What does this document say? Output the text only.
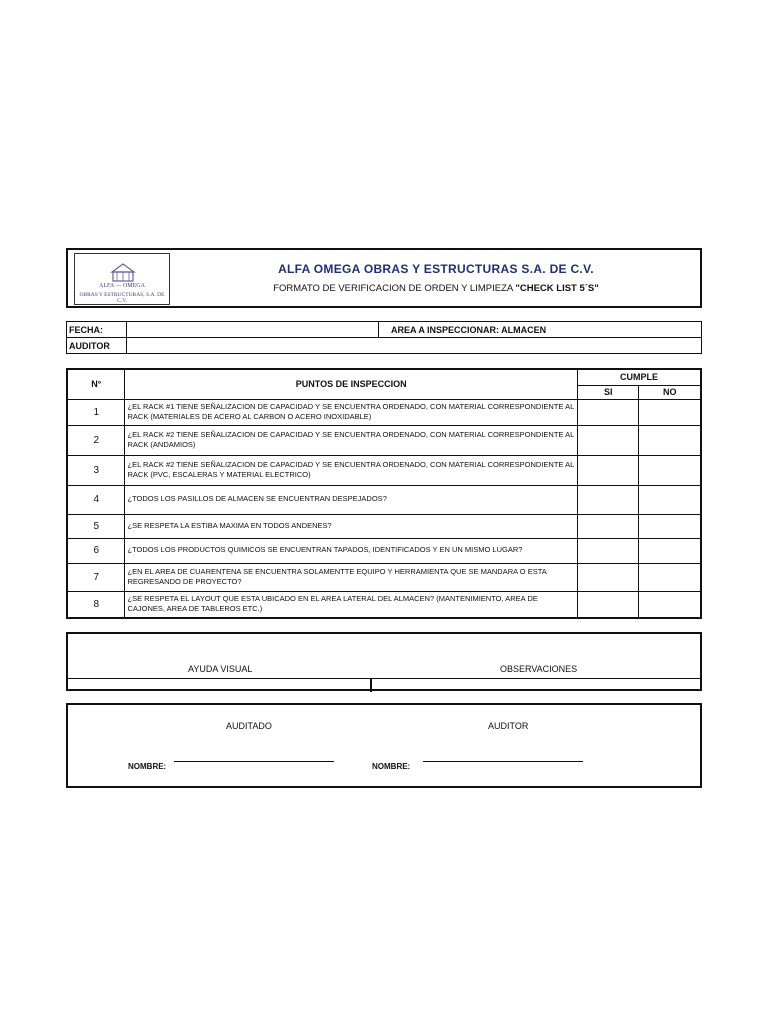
ALFA — OMEGA
OBRAS Y ESTRUCTURAS, S.A. DE C.V.
ALFA OMEGA OBRAS Y ESTRUCTURAS S.A. DE C.V.
FORMATO DE VERIFICACION DE ORDEN Y LIMPIEZA "CHECK LIST 5´S"
FECHA:		AREA A INSPECCIONAR: ALMACEN
AUDITOR		
N°	PUNTOS DE INSPECCION	CUMPLE	
		SI	NO
1	¿EL RACK #1 TIENE SEÑALIZACION DE CAPACIDAD Y SE ENCUENTRA ORDENADO, CON MATERIAL CORRESPONDIENTE AL RACK (MATERIALES DE ACERO AL CARBON O ACERO INOXIDABLE)		
2	¿EL RACK #2 TIENE SEÑALIZACION DE CAPACIDAD Y SE ENCUENTRA ORDENADO, CON MATERIAL CORRESPONDIENTE AL RACK (ANDAMIOS)		
3	¿EL RACK #2 TIENE SEÑALIZACION DE CAPACIDAD Y SE ENCUENTRA ORDENADO, CON MATERIAL CORRESPONDIENTE AL RACK (PVC, ESCALERAS Y MATERIAL ELECTRICO)		
4	¿TODOS LOS PASILLOS DE ALMACEN SE ENCUENTRAN DESPEJADOS?		
5	¿SE RESPETA LA ESTIBA MAXIMA EN TODOS ANDENES?		
6	¿TODOS LOS PRODUCTOS QUIMICOS SE ENCUENTRAN TAPADOS, IDENTIFICADOS Y EN UN MISMO LUGAR?		
7	¿EN EL AREA DE CUARENTENA SE ENCUENTRA SOLAMENTTE EQUIPO Y HERRAMIENTA QUE SE MANDARA O ESTA REGRESANDO DE PROYECTO?		
8	¿SE RESPETA EL LAYOUT QUE ESTA UBICADO EN EL AREA LATERAL DEL ALMACEN? (MANTENIMIENTO, AREA DE CAJONES, AREA DE TABLEROS ETC.)		
AYUDA VISUAL	OBSERVACIONES
AUDITADO	AUDITOR
NOMBRE:	NOMBRE:
